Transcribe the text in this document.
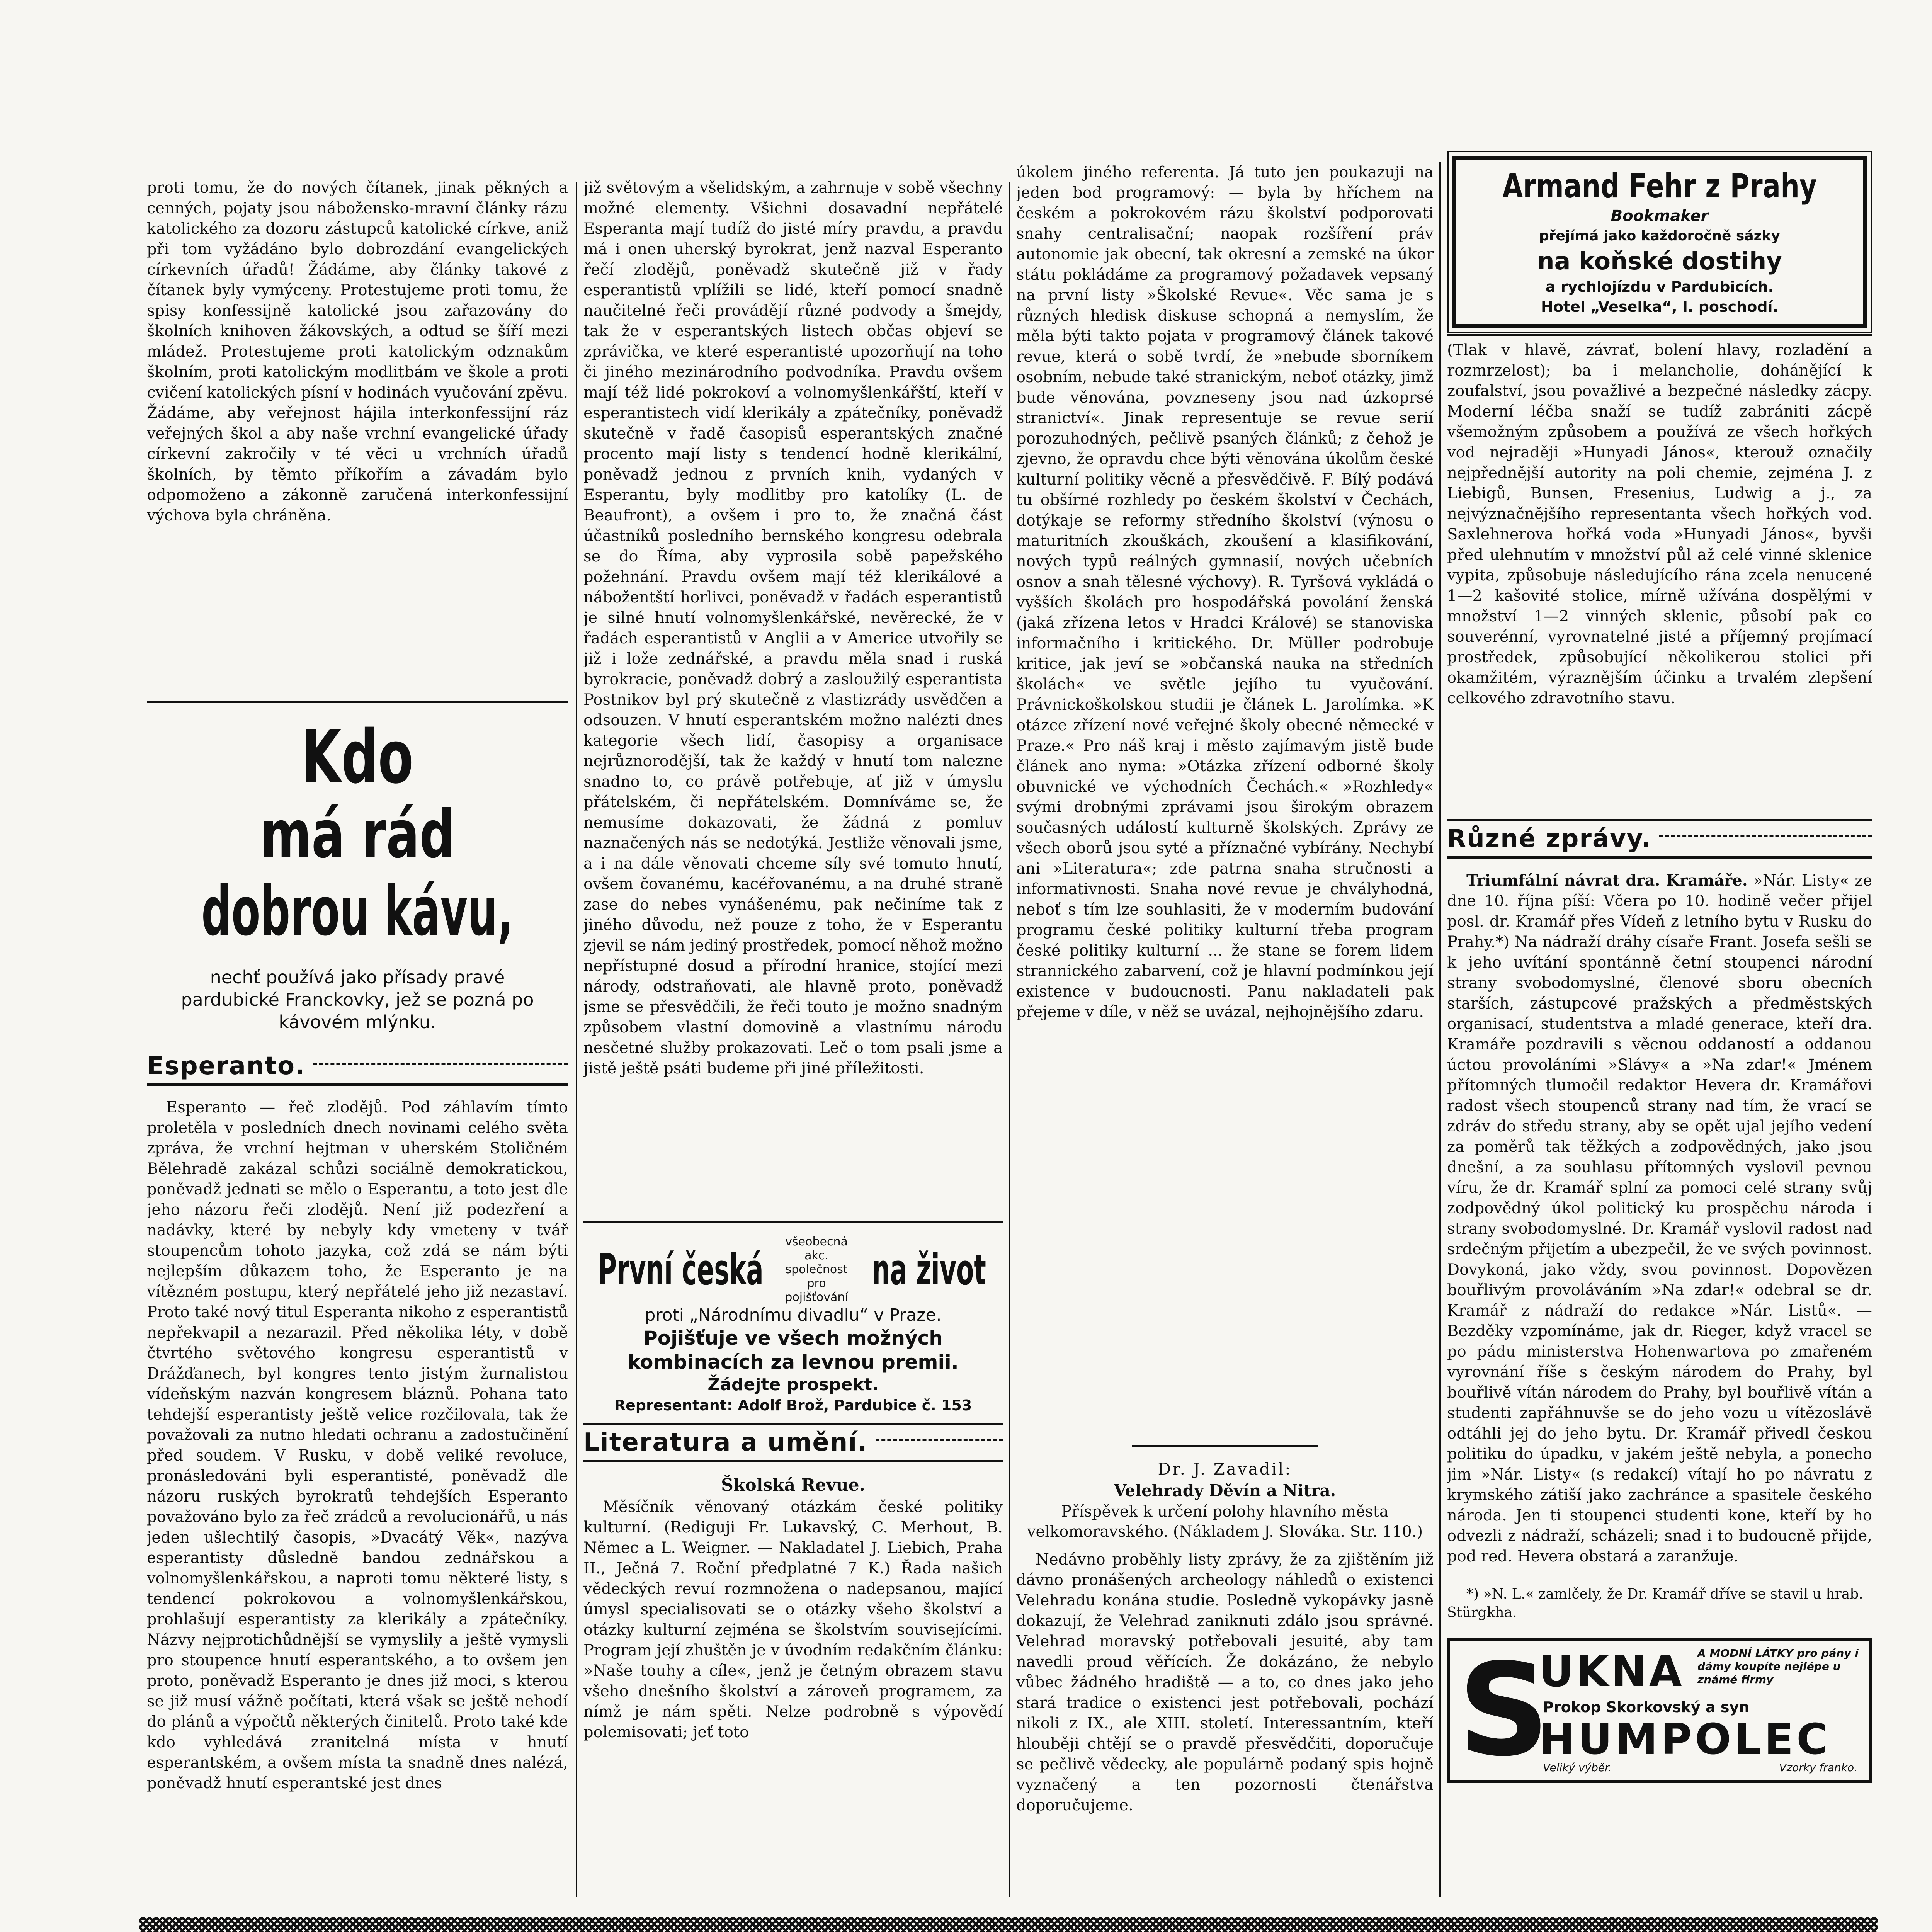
proti tomu, že do nových čítanek, jinak pěkných a cenných, pojaty jsou nábožensko-mravní články rázu katolického za dozoru zástupců katolické církve, aniž při tom vyžádáno bylo dobrozdání evangelických církevních úřadů! Žádáme, aby články takové z čítanek byly vymýceny. Protestujeme proti tomu, že spisy konfessijně katolické jsou zařazovány do školních knihoven žákovských, a odtud se šíří mezi mládež. Protestujeme proti katolickým odznakům školním, proti katolickým modlitbám ve škole a proti cvičení katolických písní v hodinách vyučování zpěvu. Žádáme, aby veřejnost hájila interkonfessijní ráz veřejných škol a aby naše vrchní evangelické úřady církevní zakročily v té věci u vrchních úřadů školních, by těmto příkořím a závadám bylo odpomoženo a zákonně zaručená interkonfessijní výchova byla chráněna.
Kdo
má rád
dobrou kávu,
nechť používá jako přísady pravé pardubické Franckovky, jež se pozná po kávovém mlýnku.
Esperanto.
Esperanto — řeč zlodějů. Pod záhlavím tímto proletěla v posledních dnech novinami celého světa zpráva, že vrchní hejtman v uherském Stoličném Bělehradě zakázal schůzi sociálně demokratickou, poněvadž jednati se mělo o Esperantu, a toto jest dle jeho názoru řeči zlodějů. Není již podezření a nadávky, které by nebyly kdy vmeteny v tvář stoupencům tohoto jazyka, což zdá se nám býti nejlepším důkazem toho, že Esperanto je na vítězném postupu, který nepřátelé jeho již nezastaví. Proto také nový titul Esperanta nikoho z esperantistů nepřekvapil a nezarazil. Před několika léty, v době čtvrtého světového kongresu esperantistů v Drážďanech, byl kongres tento jistým žurnalistou vídeňským nazván kongresem bláznů. Pohana tato tehdejší esperantisty ještě velice rozčilovala, tak že považovali za nutno hledati ochranu a zadostučinění před soudem. V Rusku, v době veliké revoluce, pronásledováni byli esperantisté, poněvadž dle názoru ruských byrokratů tehdejších Esperanto považováno bylo za řeč zrádců a revolucionářů, u nás jeden ušlechtilý časopis, »Dvacátý Věk«, nazýva esperantisty důsledně bandou zednářskou a volnomyšlenkářskou, a naproti tomu některé listy, s tendencí pokrokovou a volnomyšlenkářskou, prohlašují esperantisty za klerikály a zpátečníky. Názvy nejprotichůdnější se vymyslily a ještě vymysli pro stoupence hnutí esperantského, a to ovšem jen proto, poněvadž Esperanto je dnes již moci, s kterou se již musí vážně počítati, která však se ještě nehodí do plánů a výpočtů některých činitelů. Proto také kde kdo vyhledává zranitelná místa v hnutí esperantském, a ovšem místa ta snadně dnes nalézá, poněvadž hnutí esperantské jest dnes
již světovým a všelidským, a zahrnuje v sobě všechny možné elementy. Všichni dosavadní nepřátelé Esperanta mají tudíž do jisté míry pravdu, a pravdu má i onen uherský byrokrat, jenž nazval Esperanto řečí zlodějů, poněvadž skutečně již v řady esperantistů vplížili se lidé, kteří pomocí snadně naučitelné řeči provádějí různé podvody a šmejdy, tak že v esperantských listech občas objeví se zprávička, ve které esperantisté upozorňují na toho či jiného mezinárodního podvodníka. Pravdu ovšem mají též lidé pokrokoví a volnomyšlenkářští, kteří v esperantistech vidí klerikály a zpátečníky, poněvadž skutečně v řadě časopisů esperantských značné procento mají listy s tendencí hodně klerikální, poněvadž jednou z prvních knih, vydaných v Esperantu, byly modlitby pro katolíky (L. de Beaufront), a ovšem i pro to, že značná část účastníků posledního bernského kongresu odebrala se do Říma, aby vyprosila sobě papežského požehnání. Pravdu ovšem mají též klerikálové a nábožentští horlivci, poněvadž v řadách esperantistů je silné hnutí volnomyšlenkářské, nevěrecké, že v řadách esperantistů v Anglii a v Americe utvořily se již i lože zednářské, a pravdu měla snad i ruská byrokracie, poněvadž dobrý a zasloužilý esperantista Postnikov byl prý skutečně z vlastizrády usvědčen a odsouzen. V hnutí esperantském možno nalézti dnes kategorie všech lidí, časopisy a organisace nejrůznorodější, tak že každý v hnutí tom nalezne snadno to, co právě potřebuje, ať již v úmyslu přátelském, či nepřátelském. Domníváme se, že nemusíme dokazovati, že žádná z pomluv naznačených nás se nedotýká. Jestliže věnovali jsme, a i na dále věnovati chceme síly své tomuto hnutí, ovšem čovanému, kacéřovanému, a na druhé straně zase do nebes vynášenému, pak nečiníme tak z jiného důvodu, než pouze z toho, že v Esperantu zjevil se nám jediný prostředek, pomocí něhož možno nepřístupné dosud a přírodní hranice, stojící mezi národy, odstraňovati, ale hlavně proto, poněvadž jsme se přesvědčili, že řeči touto je možno snadným způsobem vlastní domovině a vlastnímu národu nesčetné služby prokazovati. Leč o tom psali jsme a jistě ještě psáti budeme při jiné příležitosti.
První česká
všeobecná akc. společnost pro pojišťování
na život
proti „Národnímu divadlu“ v Praze.
Pojišťuje ve všech možných kombinacích za levnou premii.
Žádejte prospekt.
Representant: Adolf Brož, Pardubice č. 153
Literatura a umění.
Školská Revue.
Měsíčník věnovaný otázkám české politiky kulturní. (Rediguji Fr. Lukavský, C. Merhout, B. Němec a L. Weigner. — Nakladatel J. Liebich, Praha II., Ječná 7. Roční předplatné 7 K.) Řada našich vědeckých revuí rozmnožena o nadepsanou, mající úmysl specialisovati se o otázky všeho školství a otázky kulturní zejména se školstvím souvisejícími. Program její zhuštěn je v úvodním redakčním článku: »Naše touhy a cíle«, jenž je četným obrazem stavu všeho dnešního školství a zároveň programem, za nímž je nám spěti. Nelze podrobně s výpovědí polemisovati; jeť toto
úkolem jiného referenta. Já tuto jen poukazuji na jeden bod programový: — byla by hříchem na českém a pokrokovém rázu školství podporovati snahy centralisační; naopak rozšíření práv autonomie jak obecní, tak okresní a zemské na úkor státu pokládáme za programový požadavek vepsaný na první listy »Školské Revue«. Věc sama je s různých hledisk diskuse schopná a nemyslím, že měla býti takto pojata v programový článek takové revue, která o sobě tvrdí, že »nebude sborníkem osobním, nebude také stranickým, neboť otázky, jimž bude věnována, povzneseny jsou nad úzkoprsé stranictví«. Jinak representuje se revue serií porozuhodných, pečlivě psaných článků; z čehož je zjevno, že opravdu chce býti věnována úkolům české kulturní politiky věcně a přesvědčivě. F. Bílý podává tu obšírné rozhledy po českém školství v Čechách, dotýkaje se reformy středního školství (výnosu o maturitních zkouškách, zkoušení a klasifikování, nových typů reálných gymnasií, nových učebních osnov a snah tělesné výchovy). R. Tyršová vykládá o vyšších školách pro hospodářská povolání ženská (jaká zřízena letos v Hradci Králové) se stanoviska informačního i kritického. Dr. Müller podrobuje kritice, jak jeví se »občanská nauka na středních školách« ve světle jejího tu vyučování. Právnickoškolskou studii je článek L. Jarolímka. »K otázce zřízení nové veřejné školy obecné německé v Praze.« Pro náš kraj i město zajímavým jistě bude článek ano nyma: »Otázka zřízení odborné školy obuvnické ve východních Čechách.« »Rozhledy« svými drobnými zprávami jsou širokým obrazem současných událostí kulturně školských. Zprávy ze všech oborů jsou syté a příznačné vybírány. Nechybí ani »Literatura«; zde patrna snaha stručnosti a informativnosti. Snaha nové revue je chvályhodná, neboť s tím lze souhlasiti, že v moderním budování programu české politiky kulturní třeba program české politiky kulturní ... že stane se forem lidem strannického zabarvení, což je hlavní podmínkou její existence v budoucnosti. Panu nakladateli pak přejeme v díle, v něž se uvázal, nejhojnějšího zdaru.
Dr. J. Zavadil:
Velehrady Děvín a Nitra.
Příspěvek k určení polohy hlavního města velkomoravského. (Nákladem J. Slováka. Str. 110.)
Nedávno proběhly listy zprávy, že za zjištěním již dávno pronášených archeology náhledů o existenci Velehradu konána studie. Posledně vykopávky jasně dokazují, že Velehrad zaniknuti zdálo jsou správné. Velehrad moravský potřebovali jesuité, aby tam navedli proud věřících. Že dokázáno, že nebylo vůbec žádného hradiště — a to, co dnes jako jeho stará tradice o existenci jest potřebovali, pochází nikoli z IX., ale XIII. století. Interessantním, kteří hlouběji chtějí se o pravdě přesvědčiti, doporučuje se pečlivě vědecky, ale populárně podaný spis hojně vyznačený a ten pozornosti čtenářstva doporučujeme.
Armand Fehr z Prahy
Bookmaker
přejímá jako každoročně sázky
na koňské dostihy
a rychlojízdu v Pardubicích.
Hotel „Veselka“, I. poschodí.
(Tlak v hlavě, závrať, bolení hlavy, rozladění a rozmrzelost); ba i melancholie, dohánějící k zoufalství, jsou považlivé a bezpečné následky zácpy. Moderní léčba snaží se tudíž zabrániti zácpě všemožným způsobem a používá ze všech hořkých vod nejraději »Hunyadi János«, kterouž označily nejpřednější autority na poli chemie, zejména J. z Liebigů, Bunsen, Fresenius, Ludwig a j., za nejvýznačnějšího representanta všech hořkých vod. Saxlehnerova hořká voda »Hunyadi János«, byvši před ulehnutím v množství půl až celé vinné sklenice vypita, způsobuje následujícího rána zcela nenucené 1—2 kašovité stolice, mírně užívána dospělými v množství 1—2 vinných sklenic, působí pak co souverénní, vyrovnatelné jisté a příjemný projímací prostředek, způsobující několikerou stolici při okamžitém, výraznějším účinku a trvalém zlepšení celkového zdravotního stavu.
Různé zprávy.
Triumfální návrat dra. Kramáře. »Nár. Listy« ze dne 10. října píší: Včera po 10. hodině večer přijel posl. dr. Kramář přes Vídeň z letního bytu v Rusku do Prahy.*) Na nádraží dráhy císaře Frant. Josefa sešli se k jeho uvítání spontánně četní stoupenci národní strany svobodomyslné, členové sboru obecních starších, zástupcové pražských a předměstských organisací, studentstva a mladé generace, kteří dra. Kramáře pozdravili s věcnou oddaností a oddanou úctou provoláními »Slávy« a »Na zdar!« Jménem přítomných tlumočil redaktor Hevera dr. Kramářovi radost všech stoupenců strany nad tím, že vrací se zdráv do středu strany, aby se opět ujal jejího vedení za poměrů tak těžkých a zodpovědných, jako jsou dnešní, a za souhlasu přítomných vyslovil pevnou víru, že dr. Kramář splní za pomoci celé strany svůj zodpovědný úkol politický ku prospěchu národa i strany svobodomyslné. Dr. Kramář vyslovil radost nad srdečným přijetím a ubezpečil, že ve svých povinnost. Dovykoná, jako vždy, svou povinnost. Dopovězen bouřlivým provoláváním »Na zdar!« odebral se dr. Kramář z nádraží do redakce »Nár. Listů«. — Bezděky vzpomínáme, jak dr. Rieger, když vracel se po pádu ministerstva Hohenwartova po zmařeném vyrovnání říše s českým národem do Prahy, byl bouřlivě vítán národem do Prahy, byl bouřlivě vítán a studenti zapřáhnuvše se do jeho vozu u vítězoslávě odtáhli jej do jeho bytu. Dr. Kramář přivedl českou politiku do úpadku, v jakém ještě nebyla, a ponecho jim »Nár. Listy« (s redakcí) vítají ho po návratu z krymského zátiší jako zachránce a spasitele českého národa. Jen ti stoupenci studenti kone, kteří by ho odvezli z nádraží, scházeli; snad i to budoucně přijde, pod red. Hevera obstará a zaranžuje.
*) »N. L.« zamlčely, že Dr. Kramář dříve se stavil u hrab. Stürgkha.
S
UKNA A MODNÍ LÁTKY pro pány i dámy koupíte nejlépe u známé firmy
Prokop Skorkovský a syn
HUMPOLEC
Veliký výběr.	Vzorky franko.
